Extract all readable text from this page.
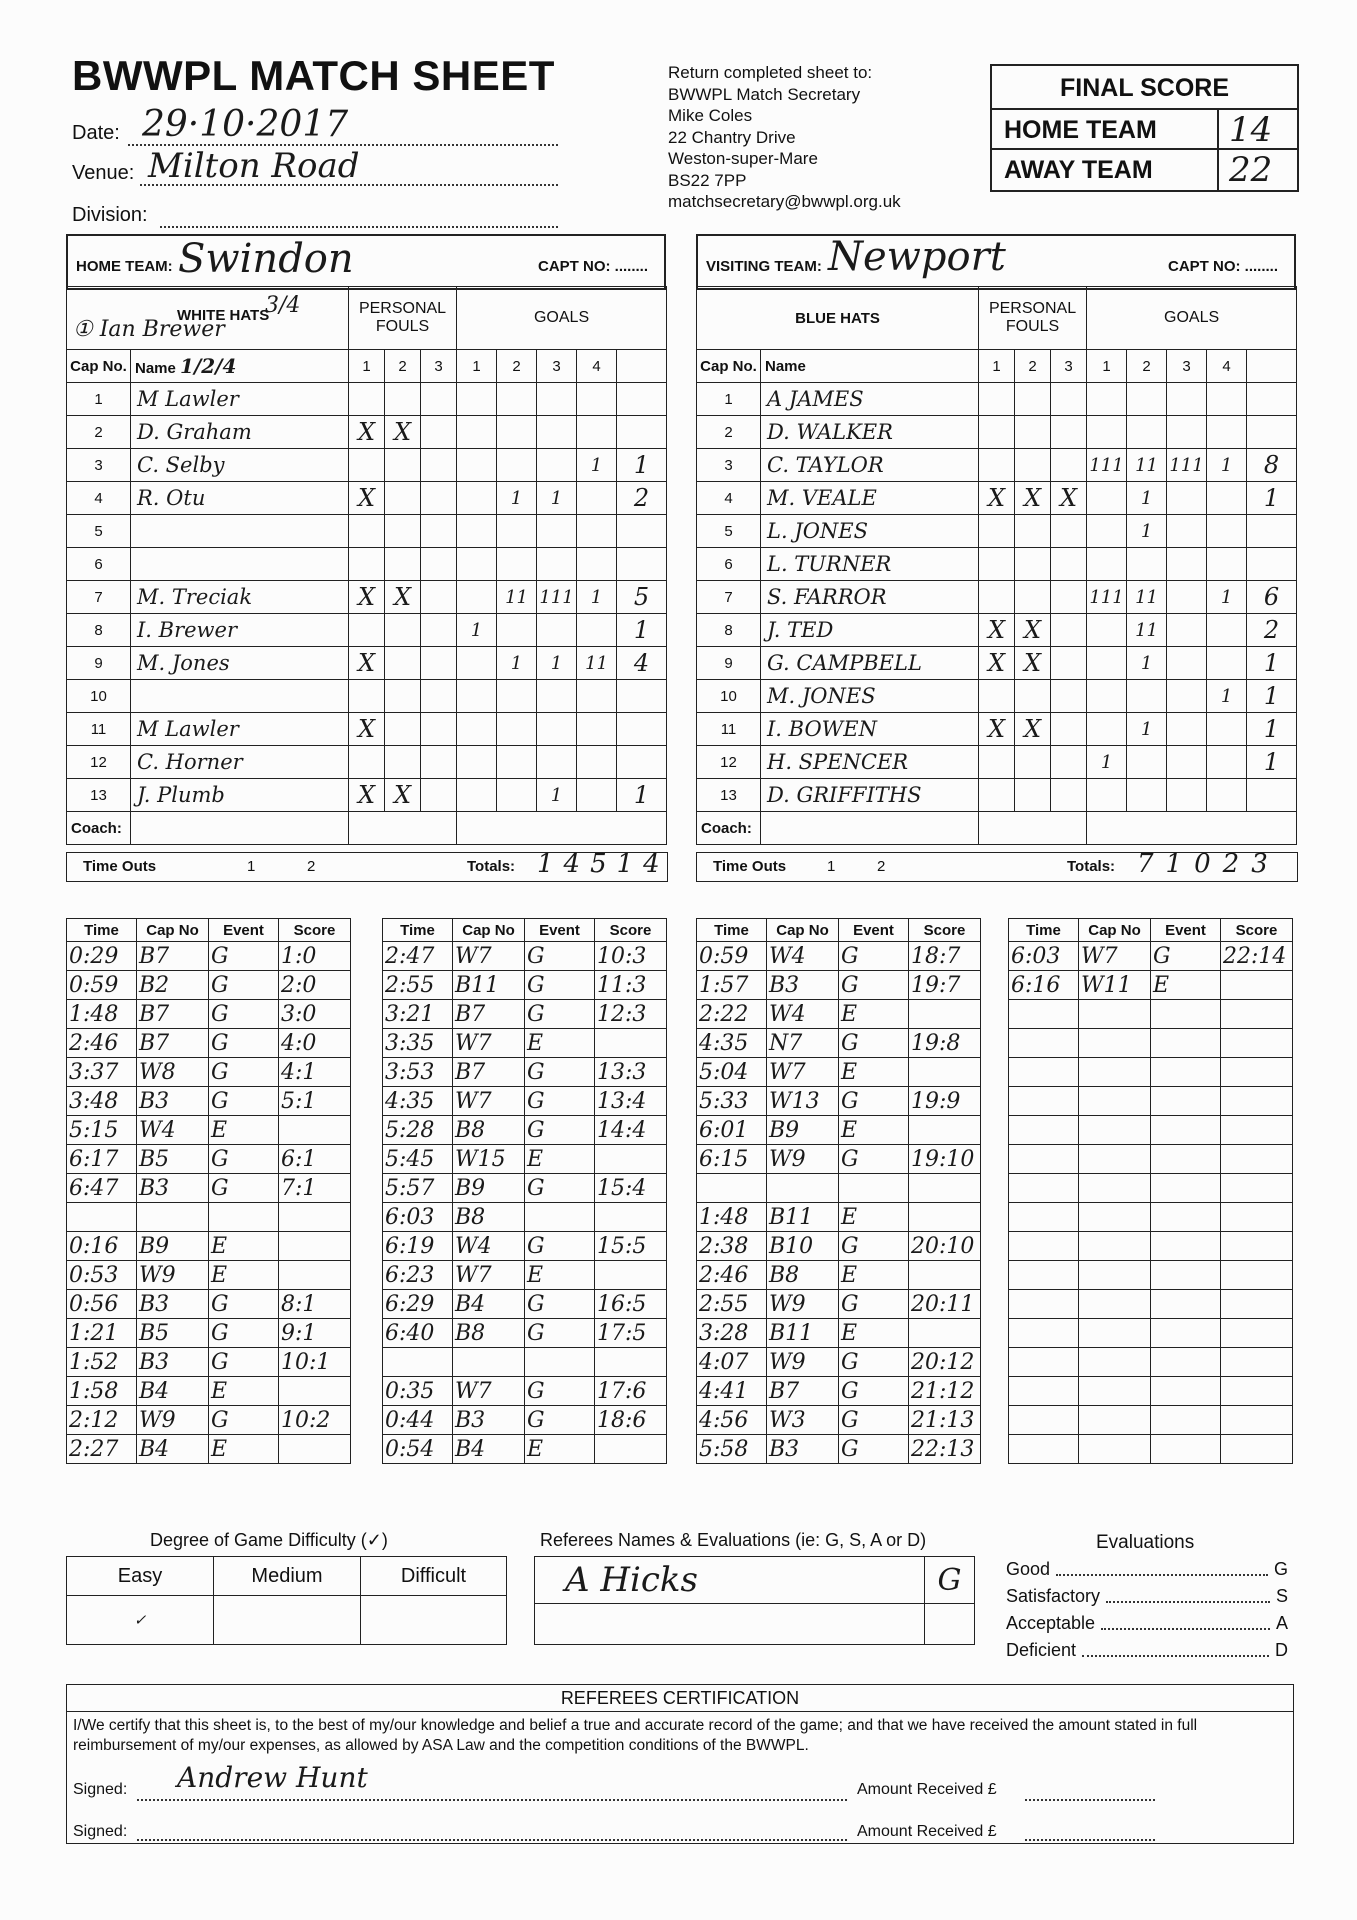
BWWPL MATCH SHEET
Date: 29·10·2017
Venue: Milton Road
Division:
Return completed sheet to:
BWWPL Match Secretary
Mike Coles
22 Chantry Drive
Weston-super-Mare
BS22 7PP
matchsecretary@bwwpl.org.uk
FINAL SCORE
HOME TEAM	14
AWAY TEAM	22
HOME TEAM: Swindon	CAPT NO: ........
① Ian Brewer
WHITE HATS
3/4		PERSONAL FOULS			GOALS				
Cap No.	Name 1/2/4	1	2	3	1	2	3	4	
1	M Lawler								
2	D. Graham	X	X						
3	C. Selby							1	1
4	R. Otu	X				1	1		2
5									
6									
7	M. Treciak	X	X			11	111	1	5
8	I. Brewer				1				1
9	M. Jones	X				1	1	11	4
10									
11	M Lawler	X							
12	C. Horner								
13	J. Plumb	X	X				1		1
Coach:									
Time Outs	1	2	Totals: 14514
VISITING TEAM: Newport	CAPT NO: ........
BLUE HATS		PERSONAL FOULS			GOALS				
Cap No.	Name	1	2	3	1	2	3	4	
1	A JAMES								
2	D. WALKER								
3	C. TAYLOR				111	11	111	1	8
4	M. VEALE	X	X	X		1			1
5	L. JONES					1			
6	L. TURNER								
7	S. FARROR				111	11		1	6
8	J. TED	X	X			11			2
9	G. CAMPBELL	X	X			1			1
10	M. JONES							1	1
11	I. BOWEN	X	X			1			1
12	H. SPENCER				1				1
13	D. GRIFFITHS								
Coach:									
Time Outs	1	2	Totals: 71023
Time	Cap No	Event	Score
0:29	B7	G	1:0
0:59	B2	G	2:0
1:48	B7	G	3:0
2:46	B7	G	4:0
3:37	W8	G	4:1
3:48	B3	G	5:1
5:15	W4	E	
6:17	B5	G	6:1
6:47	B3	G	7:1

0:16	B9	E	
0:53	W9	E	
0:56	B3	G	8:1
1:21	B5	G	9:1
1:52	B3	G	10:1
1:58	B4	E	
2:12	W9	G	10:2
2:27	B4	E	
Time	Cap No	Event	Score
2:47	W7	G	10:3
2:55	B11	G	11:3
3:21	B7	G	12:3
3:35	W7	E	
3:53	B7	G	13:3
4:35	W7	G	13:4
5:28	B8	G	14:4
5:45	W15	E	
5:57	B9	G	15:4
6:03	B8		
6:19	W4	G	15:5
6:23	W7	E	
6:29	B4	G	16:5
6:40	B8	G	17:5

0:35	W7	G	17:6
0:44	B3	G	18:6
0:54	B4	E	
Time	Cap No	Event	Score
0:59	W4	G	18:7
1:57	B3	G	19:7
2:22	W4	E	
4:35	N7	G	19:8
5:04	W7	E	
5:33	W13	G	19:9
6:01	B9	E	
6:15	W9	G	19:10

1:48	B11	E	
2:38	B10	G	20:10
2:46	B8	E	
2:55	W9	G	20:11
3:28	B11	E	
4:07	W9	G	20:12
4:41	B7	G	21:12
4:56	W3	G	21:13
5:58	B3	G	22:13
Time	Cap No	Event	Score
6:03	W7	G	22:14
6:16	W11	E	

Degree of Game Difficulty (✓)
Easy	Medium	Difficult
✓		
Referees Names & Evaluations (ie: G, S, A or D)
A Hicks	G

Evaluations
Good	G
Satisfactory	S
Acceptable	A
Deficient	D
REFEREES CERTIFICATION
I/We certify that this sheet is, to the best of my/our knowledge and belief a true and accurate record of the game; and that we have received the amount stated in full reimbursement of my/our expenses, as allowed by ASA Law and the competition conditions of the BWWPL.
Signed:	Andrew Hunt	Amount Received £
Signed:	Amount Received £
